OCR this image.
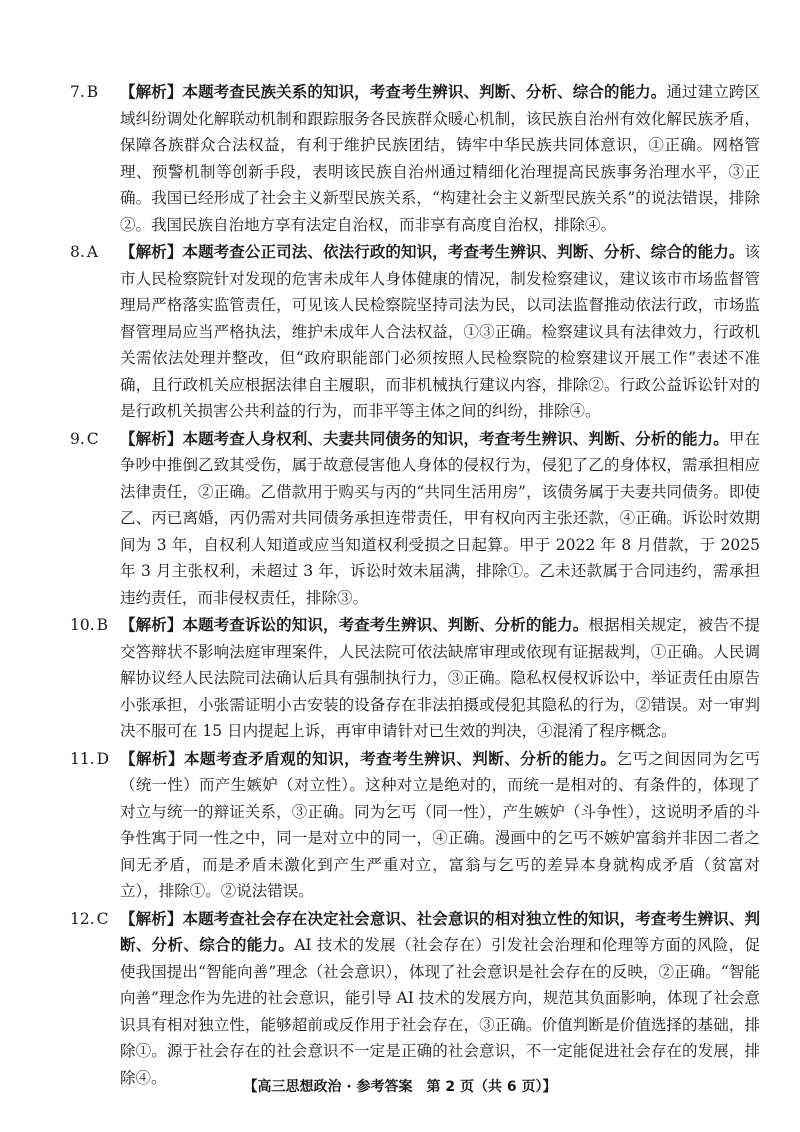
7. B 【解析】本题考查民族关系的知识，考查考生辨识、判断、分析、综合的能力。通过建立跨区域纠纷调处化解联动机制和跟踪服务各民族群众暖心机制，该民族自治州有效化解民族矛盾，保障各族群众合法权益，有利于维护民族团结，铸牢中华民族共同体意识，①正确。网格管理、预警机制等创新手段，表明该民族自治州通过精细化治理提高民族事务治理水平，③正确。我国已经形成了社会主义新型民族关系，“构建社会主义新型民族关系”的说法错误，排除②。我国民族自治地方享有法定自治权，而非享有高度自治权，排除④。
8. A 【解析】本题考查公正司法、依法行政的知识，考查考生辨识、判断、分析、综合的能力。该市人民检察院针对发现的危害未成年人身体健康的情况，制发检察建议，建议该市市场监督管理局严格落实监管责任，可见该人民检察院坚持司法为民，以司法监督推动依法行政，市场监督管理局应当严格执法，维护未成年人合法权益，①③正确。检察建议具有法律效力，行政机关需依法处理并整改，但“政府职能部门必须按照人民检察院的检察建议开展工作”表述不准确，且行政机关应根据法律自主履职，而非机械执行建议内容，排除②。行政公益诉讼针对的是行政机关损害公共利益的行为，而非平等主体之间的纠纷，排除④。
9. C 【解析】本题考查人身权利、夫妻共同债务的知识，考查考生辨识、判断、分析的能力。甲在争吵中推倒乙致其受伤，属于故意侵害他人身体的侵权行为，侵犯了乙的身体权，需承担相应法律责任，②正确。乙借款用于购买与丙的“共同生活用房”，该债务属于夫妻共同债务。即使乙、丙已离婚，丙仍需对共同债务承担连带责任，甲有权向丙主张还款，④正确。诉讼时效期间为 3 年，自权利人知道或应当知道权利受损之日起算。甲于 2022 年 8 月借款，于 2025 年 3 月主张权利，未超过 3 年，诉讼时效未届满，排除①。乙未还款属于合同违约，需承担违约责任，而非侵权责任，排除③。
10. B 【解析】本题考查诉讼的知识，考查考生辨识、判断、分析的能力。根据相关规定，被告不提交答辩状不影响法庭审理案件，人民法院可依法缺席审理或依现有证据裁判，①正确。人民调解协议经人民法院司法确认后具有强制执行力，③正确。隐私权侵权诉讼中，举证责任由原告小张承担，小张需证明小古安装的设备存在非法拍摄或侵犯其隐私的行为，②错误。对一审判决不服可在 15 日内提起上诉，再审申请针对已生效的判决，④混淆了程序概念。
11. D 【解析】本题考查矛盾观的知识，考查考生辨识、判断、分析的能力。乞丐之间因同为乞丐（统一性）而产生嫉妒（对立性）。这种对立是绝对的，而统一是相对的、有条件的，体现了对立与统一的辩证关系，③正确。同为乞丐（同一性），产生嫉妒（斗争性），这说明矛盾的斗争性寓于同一性之中，同一是对立中的同一，④正确。漫画中的乞丐不嫉妒富翁并非因二者之间无矛盾，而是矛盾未激化到产生严重对立，富翁与乞丐的差异本身就构成矛盾（贫富对立），排除①。②说法错误。
12. C 【解析】本题考查社会存在决定社会意识、社会意识的相对独立性的知识，考查考生辨识、判断、分析、综合的能力。AI 技术的发展（社会存在）引发社会治理和伦理等方面的风险，促使我国提出“智能向善”理念（社会意识），体现了社会意识是社会存在的反映，②正确。“智能向善”理念作为先进的社会意识，能引导 AI 技术的发展方向，规范其负面影响，体现了社会意识具有相对独立性，能够超前或反作用于社会存在，③正确。价值判断是价值选择的基础，排除①。源于社会存在的社会意识不一定是正确的社会意识，不一定能促进社会存在的发展，排除④。
【高三思想政治 · 参考答案　第 2 页（共 6 页）】
